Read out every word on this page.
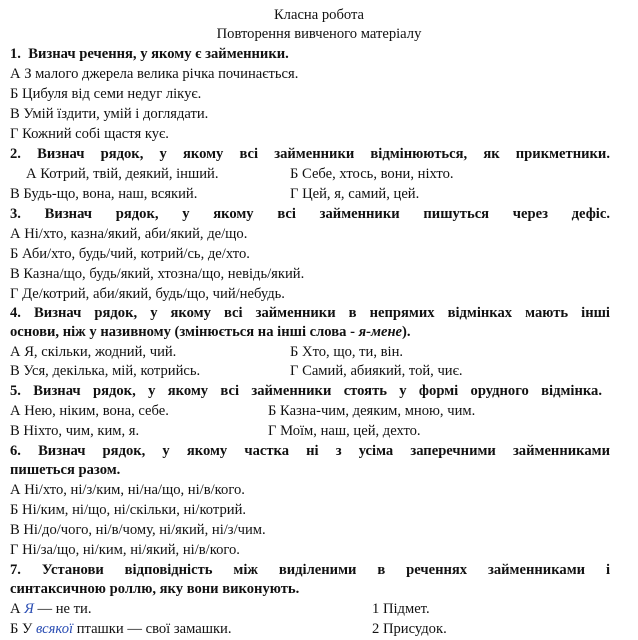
Класна робота
Повторення вивченого матеріалу
1. Визнач речення, у якому є займенники.
А З малого джерела велика річка починається.
Б Цибуля від семи недуг лікує.
В Умій їздити, умій і доглядати.
Г Кожний собі щастя кує.
2. Визнач рядок, у якому всі займенники відмінюються, як прикметники.
А Котрий, твій, деякий, інший.	Б Себе, хтось, вони, ніхто.
В Будь-що, вона, наш, всякий.	Г Цей, я, самий, цей.
3. Визнач рядок, у якому всі займенники пишуться через дефіс.
А Ні/хто, казна/який, аби/який, де/що.
Б Аби/хто, будь/чий, котрий/сь, де/хто.
В Казна/що, будь/який, хтозна/що, невідь/який.
Г Де/котрий, аби/який, будь/що, чий/небудь.
4. Визнач рядок, у якому всі займенники в непрямих відмінках мають інші
основи, ніж у називному (змінюється на інші слова - я-мене).
А Я, скільки, жодний, чий.	Б Хто, що, ти, він.
В Уся, декілька, мій, котрийсь.	Г Самий, абиякий, той, чиє.
5. Визнач рядок, у якому всі займенники стоять у формі орудного відмінка.
А Нею, ніким, вона, себе.	Б Казна-чим, деяким, мною, чим.
В Ніхто, чим, ким, я.	Г Моїм, наш, цей, дехто.
6. Визнач рядок, у якому частка ні з усіма заперечними займенниками
пишеться разом.
А Ні/хто, ні/з/ким, ні/на/що, ні/в/кого.
Б Ні/ким, ні/що, ні/скільки, ні/котрий.
В Ні/до/чого, ні/в/чому, ні/який, ні/з/чим.
Г Ні/за/що, ні/ким, ні/який, ні/в/кого.
7. Установи відповідність між виділеними в реченнях займенниками і
синтаксичною роллю, яку вони виконують.
А Я — не ти.	1 Підмет.
Б У всякої пташки — свої замашки.	2 Присудок.
